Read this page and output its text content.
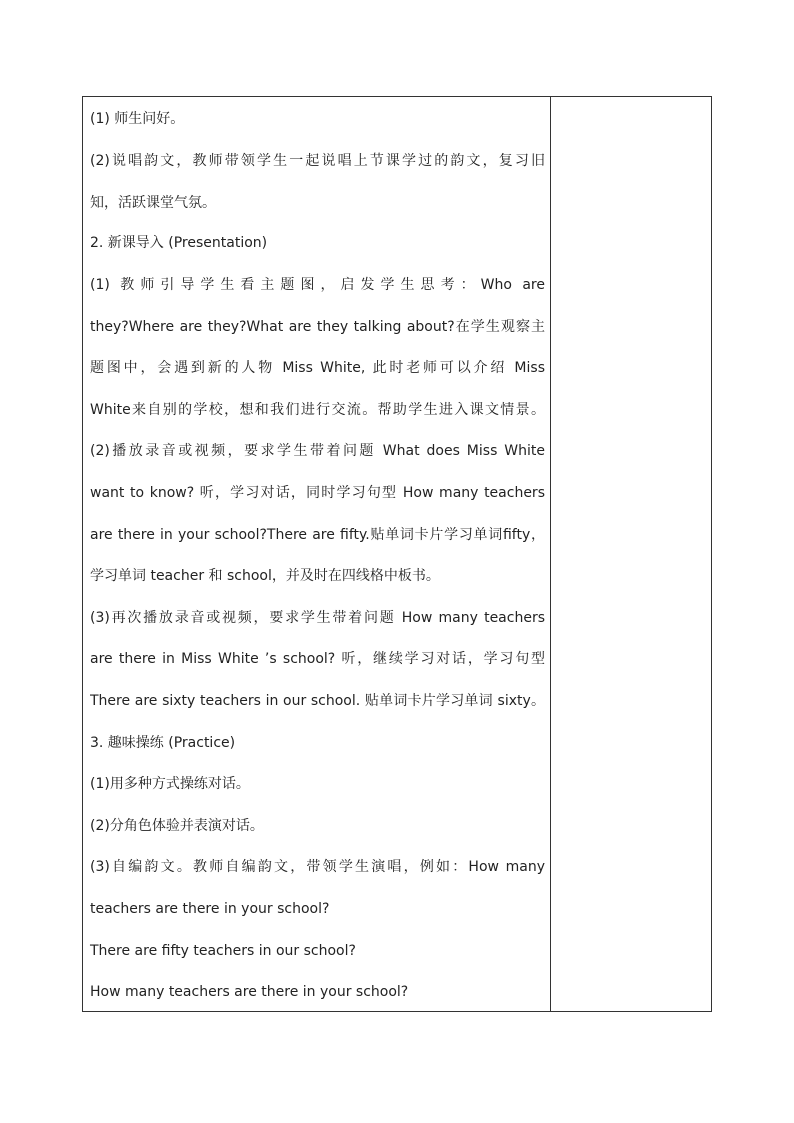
(1) 师生问好。
(2)说唱韵文，教师带领学生一起说唱上节课学过的韵文，复习旧
知，活跃课堂气氛。
2. 新课导入 (Presentation)
(1) 教师引导学生看主题图，启发学生思考：Who are
they?Where are they?What are they talking about?在学生观察主
题图中，会遇到新的人物 Miss White, 此时老师可以介绍 Miss
White来自别的学校，想和我们进行交流。帮助学生进入课文情景。
(2)播放录音或视频，要求学生带着问题 What does Miss White
want to know? 听，学习对话，同时学习句型 How many teachers
are there in your school?There are fifty.贴单词卡片学习单词fifty，
学习单词 teacher 和 school，并及时在四线格中板书。
(3)再次播放录音或视频，要求学生带着问题 How many teachers
are there in Miss White ’s school? 听，继续学习对话，学习句型
There are sixty teachers in our school. 贴单词卡片学习单词 sixty。
3. 趣味操练 (Practice)
(1)用多种方式操练对话。
(2)分角色体验并表演对话。
(3)自编韵文。教师自编韵文，带领学生演唱，例如：How many
teachers are there in your school?
There are fifty teachers in our school?
How many teachers are there in your school?
